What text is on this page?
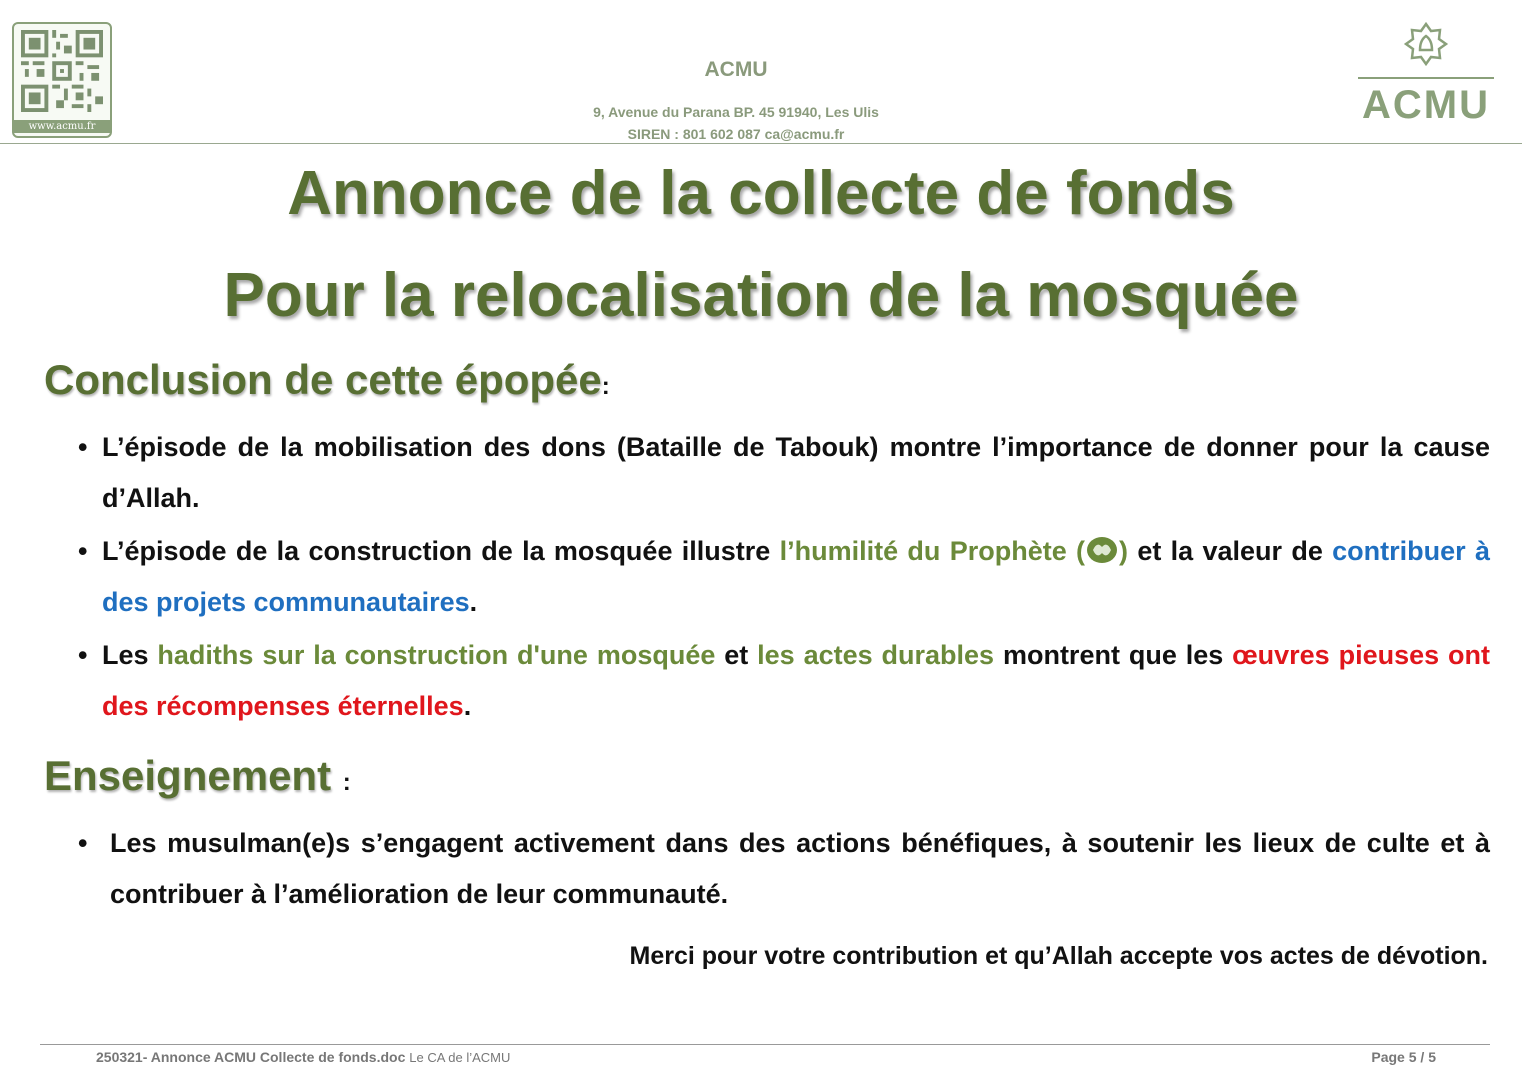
www.acmu.fr
ACMU
9, Avenue du Parana BP. 45 91940, Les Ulis
SIREN : 801 602 087 ca@acmu.fr
ACMU
Annonce de la collecte de fonds
Pour la relocalisation de la mosquée
Conclusion de cette épopée:
• L’épisode de la mobilisation des dons (Bataille de Tabouk) montre l’importance de donner pour la cause d’Allah.
• L’épisode de la construction de la mosquée illustre l’humilité du Prophète ( ) et la valeur de contribuer à des projets communautaires.
• Les hadiths sur la construction d'une mosquée et les actes durables montrent que les œuvres pieuses ont des récompenses éternelles.
Enseignement :
• Les musulman(e)s s’engagent activement dans des actions bénéfiques, à soutenir les lieux de culte et à contribuer à l’amélioration de leur communauté.
Merci pour votre contribution et qu’Allah accepte vos actes de dévotion.
250321- Annonce ACMU Collecte de fonds.doc Le CA de l’ACMU	Page 5 / 5
